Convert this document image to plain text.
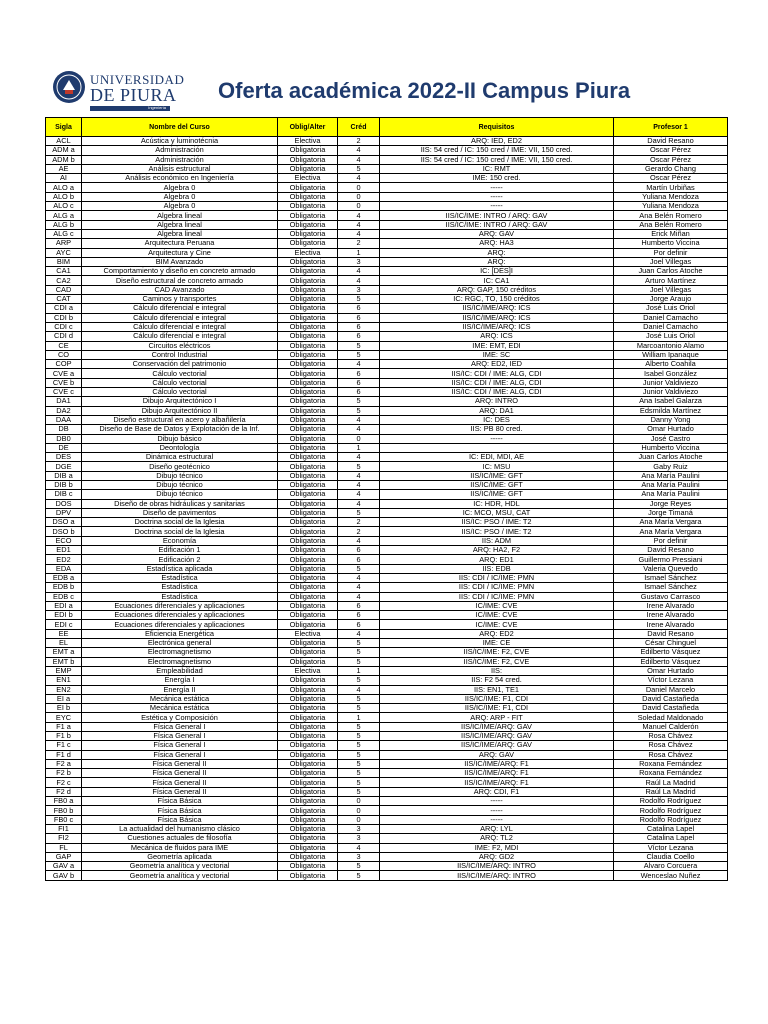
UNIVERSIDAD
DE PIURA
Ingeniería
Oferta académica 2022-II Campus Piura
Sigla	Nombre del Curso	Oblig/Alter	Créd	Requisitos	Profesor 1
ACL	Acústica y luminotécnia	Electiva	2	ARQ: IED, ED2	David Resano
ADM a	Administración	Obligatoria	4	IIS: 54 cred / IC: 150 cred / IME: VII, 150 cred.	Oscar Pérez
ADM b	Administración	Obligatoria	4	IIS: 54 cred / IC: 150 cred / IME: VII, 150 cred.	Oscar Pérez
AE	Análisis estructural	Obligatoria	5	IC: RMT	Gerardo Chang
AI	Análisis económico en Ingeniería	Electiva	4	IME: 150 cred.	Oscar Pérez
ALO a	Algebra 0	Obligatoria	0	-----	Martín Urbiñas
ALO b	Algebra 0	Obligatoria	0	-----	Yuliana Mendoza
ALO c	Algebra 0	Obligatoria	0	-----	Yuliana Mendoza
ALG a	Algebra lineal	Obligatoria	4	IIS/IC/IME: INTRO / ARQ: GAV	Ana Belén Romero
ALG b	Algebra lineal	Obligatoria	4	IIS/IC/IME: INTRO / ARQ: GAV	Ana Belén Romero
ALG c	Algebra lineal	Obligatoria	4	ARQ: GAV	Erick Miñan
ARP	Arquitectura Peruana	Obligatoria	2	ARQ: HA3	Humberto Viccina
AYC	Arquitectura y Cine	Electiva	1	ARQ:	Por definir
BIM	BIM Avanzado	Obligatoria	3	ARQ:	Joel Villegas
CA1	Comportamiento y diseño en concreto armado	Obligatoria	4	IC: [DES]I	Juan Carlos Atoche
CA2	Diseño estructural de concreto armado	Obligatoria	4	IC: CA1	Arturo Martínez
CAD	CAD Avanzado	Obligatoria	3	ARQ: GAP, 150 créditos	Joel Villegas
CAT	Caminos y transportes	Obligatoria	5	IC: RGC, TO, 150 créditos	Jorge Araujo
CDI a	Cálculo diferencial e integral	Obligatoria	6	IIS/IC/IME/ARQ: ICS	José Luis Oriol
CDI b	Cálculo diferencial e integral	Obligatoria	6	IIS/IC/IME/ARQ: ICS	Daniel Camacho
CDI c	Cálculo diferencial e integral	Obligatoria	6	IIS/IC/IME/ARQ: ICS	Daniel Camacho
CDI d	Cálculo diferencial e integral	Obligatoria	6	ARQ: ICS	José Luis Oriol
CE	Circuitos eléctricos	Obligatoria	5	IME: EMT, EDI	Marcoantonio Alamo
CO	Control Industrial	Obligatoria	5	IME: SC	William Ipanaque
COP	Conservación del patrimonio	Obligatoria	4	ARQ: ED2, IED	Alberto Coahila
CVE a	Cálculo vectorial	Obligatoria	6	IIS/IC: CDI / IME: ALG, CDI	Isabel González
CVE b	Cálculo vectorial	Obligatoria	6	IIS/IC: CDI / IME: ALG, CDI	Junior Valdiviezo
CVE c	Cálculo vectorial	Obligatoria	6	IIS/IC: CDI / IME: ALG, CDI	Junior Valdiviezo
DA1	Dibujo Arquitectónico I	Obligatoria	5	ARQ: INTRO	Ana Isabel Galarza
DA2	Dibujo Arquitectónico II	Obligatoria	5	ARQ: DA1	Edsmilda Martínez
DAA	Diseño estructural en acero y albañilería	Obligatoria	4	IC: DES	Danny Yong
DB	Diseño de Base de Datos y Explotación de la Inf.	Obligatoria	4	IIS: PB 80 cred.	Omar Hurtado
DB0	Dibujo básico	Obligatoria	0	-----	José Castro
DE	Deontología	Obligatoria	1		Humberto Viccina
DES	Dinámica estructural	Obligatoria	4	IC: EDI, MDI, AE	Juan Carlos Atoche
DGE	Diseño geotécnico	Obligatoria	5	IC: MSU	Gaby Ruiz
DIB a	Dibujo técnico	Obligatoria	4	IIS/IC/IME: GFT	Ana María Paulini
DIB b	Dibujo técnico	Obligatoria	4	IIS/IC/IME: GFT	Ana María Paulini
DIB c	Dibujo técnico	Obligatoria	4	IIS/IC/IME: GFT	Ana María Paulini
DOS	Diseño de obras hidráulicas y sanitarias	Obligatoria	4	IC: HDR, HDL	Jorge Reyes
DPV	Diseño de pavimentos	Obligatoria	5	IC: MCO, MSU, CAT	Jorge Timaná
DSO a	Doctrina social de la Iglesia	Obligatoria	2	IIS/IC: PSO / IME: T2	Ana María Vergara
DSO b	Doctrina social de la Iglesia	Obligatoria	2	IIS/IC: PSO / IME: T2	Ana María Vergara
ECO	Economía	Obligatoria	4	IIS: ADM	Por definir
ED1	Edificación 1	Obligatoria	6	ARQ: HA2, F2	David Resano
ED2	Edificación 2	Obligatoria	6	ARQ: ED1	Guillermo Pressiani
EDA	Estadística aplicada	Obligatoria	5	IIS: EDB	Valeria Quevedo
EDB a	Estadística	Obligatoria	4	IIS: CDI / IC/IME: PMN	Ismael Sánchez
EDB b	Estadística	Obligatoria	4	IIS: CDI / IC/IME: PMN	Ismael Sánchez
EDB c	Estadística	Obligatoria	4	IIS: CDI / IC/IME: PMN	Gustavo Carrasco
EDI a	Ecuaciones diferenciales y aplicaciones	Obligatoria	6	IC/IME: CVE	Irene Alvarado
EDI b	Ecuaciones diferenciales y aplicaciones	Obligatoria	6	IC/IME: CVE	Irene Alvarado
EDI c	Ecuaciones diferenciales y aplicaciones	Obligatoria	6	IC/IME: CVE	Irene Alvarado
EE	Eficiencia Energética	Electiva	4	ARQ: ED2	David Resano
EL	Electrónica general	Obligatoria	5	IME: CE	César Chinguel
EMT a	Electromagnetismo	Obligatoria	5	IIS/IC/IME: F2, CVE	Edilberto Vásquez
EMT b	Electromagnetismo	Obligatoria	5	IIS/IC/IME: F2, CVE	Edilberto Vásquez
EMP	Empleabilidad	Electiva	1	IIS:	Omar Hurtado
EN1	Energía I	Obligatoria	5	IIS: F2 54 cred.	Víctor Lezana
EN2	Energía II	Obligatoria	4	IIS: EN1, TE1	Daniel Marcelo
EI a	Mecánica estática	Obligatoria	5	IIS/IC/IME: F1, CDI	David Castañeda
EI b	Mecánica estática	Obligatoria	5	IIS/IC/IME: F1, CDI	David Castañeda
EYC	Estética y Composición	Obligatoria	1	ARQ: ARP - FIT	Soledad Maldonado
F1 a	Física General I	Obligatoria	5	IIS/IC/IME/ARQ: GAV	Manuel Calderón
F1 b	Física General I	Obligatoria	5	IIS/IC/IME/ARQ: GAV	Rosa Chávez
F1 c	Física General I	Obligatoria	5	IIS/IC/IME/ARQ: GAV	Rosa Chávez
F1 d	Física General I	Obligatoria	5	ARQ: GAV	Rosa Chávez
F2 a	Física General II	Obligatoria	5	IIS/IC/IME/ARQ: F1	Roxana Fernández
F2 b	Física General II	Obligatoria	5	IIS/IC/IME/ARQ: F1	Roxana Fernández
F2 c	Física General II	Obligatoria	5	IIS/IC/IME/ARQ: F1	Raúl La Madrid
F2 d	Física General II	Obligatoria	5	ARQ: CDI, F1	Raúl La Madrid
FB0 a	Física Básica	Obligatoria	0	-----	Rodolfo Rodríguez
FB0 b	Física Básica	Obligatoria	0	-----	Rodolfo Rodríguez
FB0 c	Física Básica	Obligatoria	0	-----	Rodolfo Rodríguez
FI1	La actualidad del humanismo clásico	Obligatoria	3	ARQ: LYL	Catalina Lapel
FI2	Cuestiones actuales de filosofía	Obligatoria	3	ARQ: TL2	Catalina Lapel
FL	Mecánica de fluidos para IME	Obligatoria	4	IME: F2, MDI	Víctor Lezana
GAP	Geometría aplicada	Obligatoria	3	ARQ: GD2	Claudia Coello
GAV a	Geometría analítica y vectorial	Obligatoria	5	IIS/IC/IME/ARQ: INTRO	Alvaro Corcuera
GAV b	Geometría analítica y vectorial	Obligatoria	5	IIS/IC/IME/ARQ: INTRO	Wenceslao Nuñez
